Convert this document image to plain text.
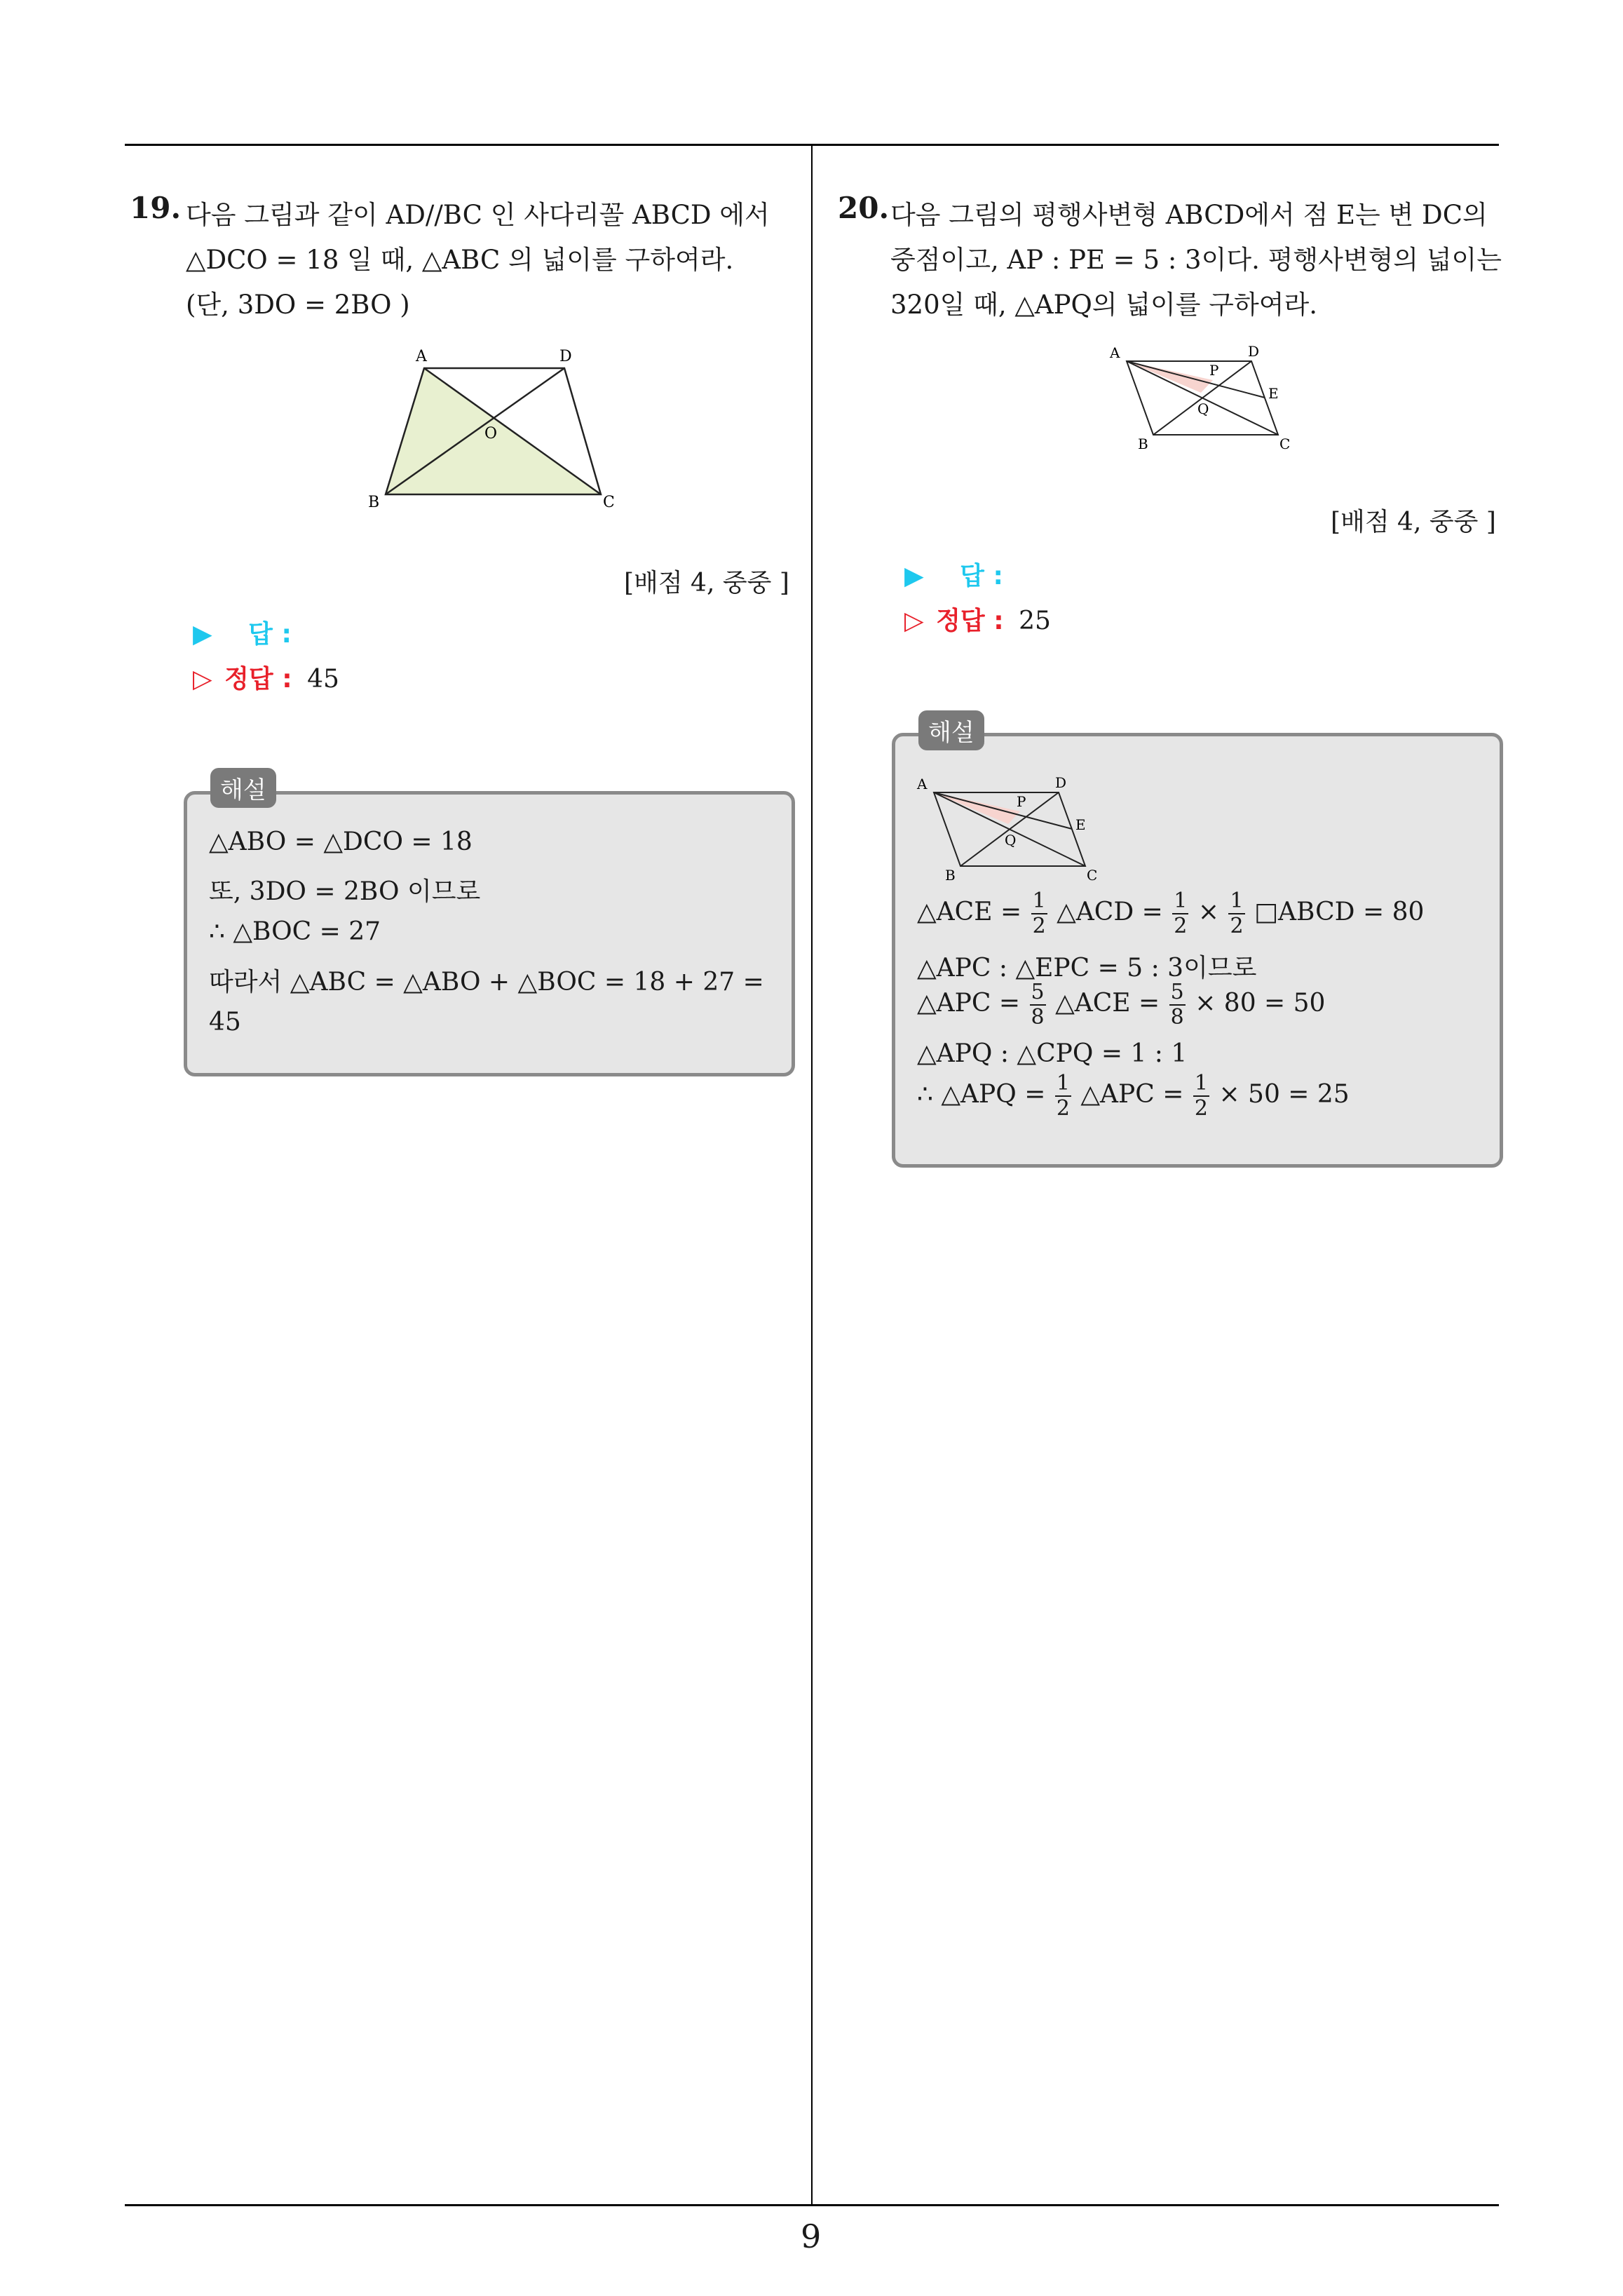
19. 다음 그림과 같이 AD//BC 인 사다리꼴 ABCD 에서
△DCO = 18 일 때, △ABC 의 넓이를 구하여라.
(단, 3DO = 2BO )
A	D
B	C
O
[배점 4, 중중 ]
▶ 답 :
▷ 정답 : 45
해설
△ABO = △DCO = 18
또, 3DO = 2BO 이므로
∴ △BOC = 27
따라서 △ABC = △ABO + △BOC = 18 + 27 =
45
20. 다음 그림의 평행사변형 ABCD에서 점 E는 변 DC의
중점이고, AP : PE = 5 : 3이다. 평행사변형의 넓이는
320일 때, △APQ의 넓이를 구하여라.
A	D
P
E
Q
B	C
[배점 4, 중중 ]
▶ 답 :
▷ 정답 : 25
해설
A	D
P
E
Q
B	C
△ACE = $\frac{1}{2}$ △ACD = $\frac{1}{2} \times \frac{1}{2}$ □ABCD = 80
△APC : △EPC = 5 : 3이므로
△APC = $\frac{5}{8}$ △ACE = $\frac{5}{8} \times 80 = 50$
△APQ : △CPQ = 1 : 1
∴ △APQ = $\frac{1}{2}$ △APC = $\frac{1}{2} \times 50 = 25$
9
